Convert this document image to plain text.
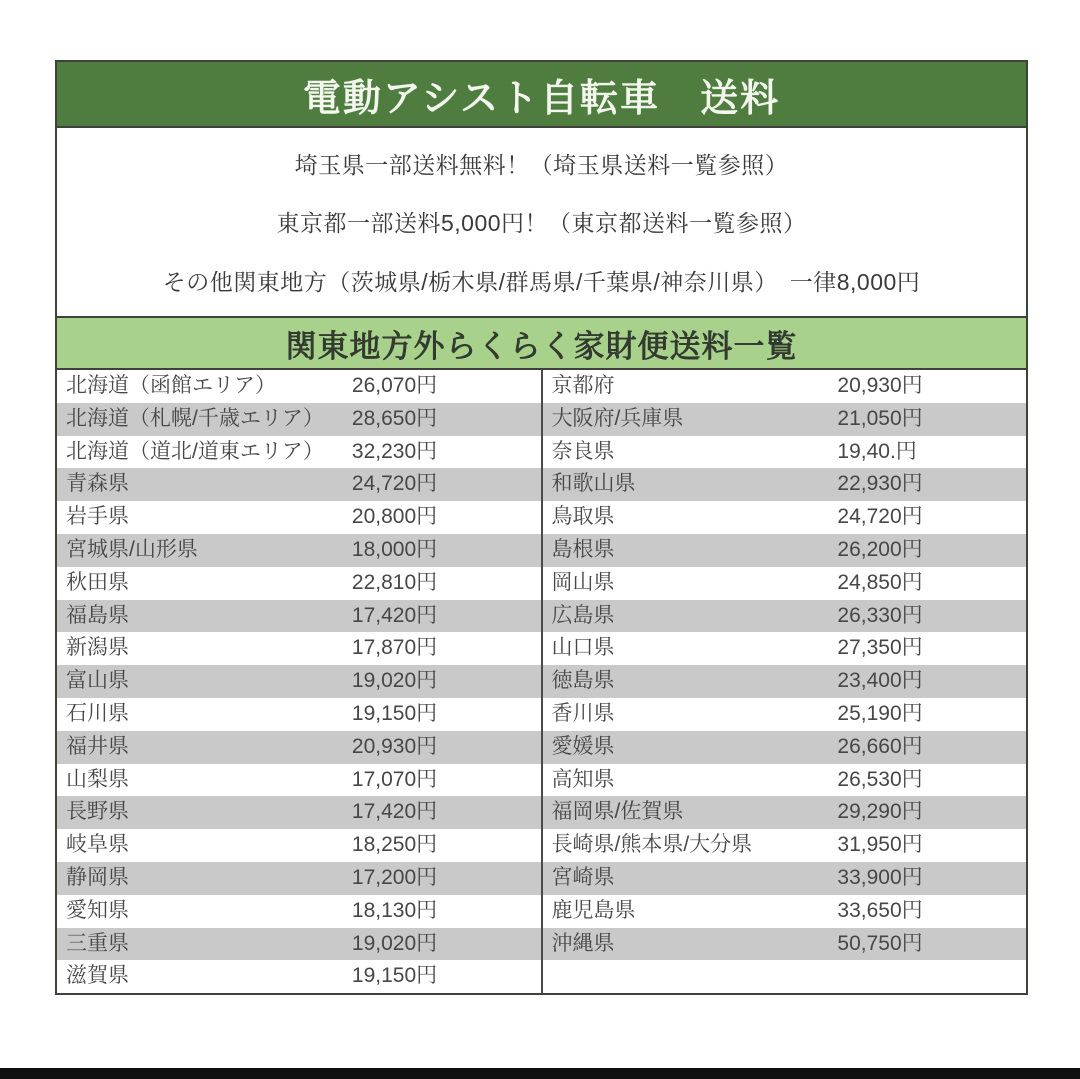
電動アシスト自転車　送料
埼玉県一部送料無料！（埼玉県送料一覧参照）
東京都一部送料5,000円！（東京都送料一覧参照）
その他関東地方（茨城県/栃木県/群馬県/千葉県/神奈川県）　一律8,000円
関東地方外らくらく家財便送料一覧
北海道（函館エリア）	26,070円
北海道（札幌/千歳エリア） 28,650円
北海道（道北/道東エリア） 32,230円
青森県	24,720円
岩手県	20,800円
宮城県/山形県	18,000円
秋田県	22,810円
福島県	17,420円
新潟県	17,870円
富山県	19,020円
石川県	19,150円
福井県	20,930円
山梨県	17,070円
長野県	17,420円
岐阜県	18,250円
静岡県	17,200円
愛知県	18,130円
三重県	19,020円
滋賀県	19,150円
京都府	20,930円
大阪府/兵庫県	21,050円
奈良県	19,40.円
和歌山県	22,930円
鳥取県	24,720円
島根県	26,200円
岡山県	24,850円
広島県	26,330円
山口県	27,350円
徳島県	23,400円
香川県	25,190円
愛媛県	26,660円
高知県	26,530円
福岡県/佐賀県	29,290円
長崎県/熊本県/大分県	31,950円
宮崎県	33,900円
鹿児島県	33,650円
沖縄県	50,750円
